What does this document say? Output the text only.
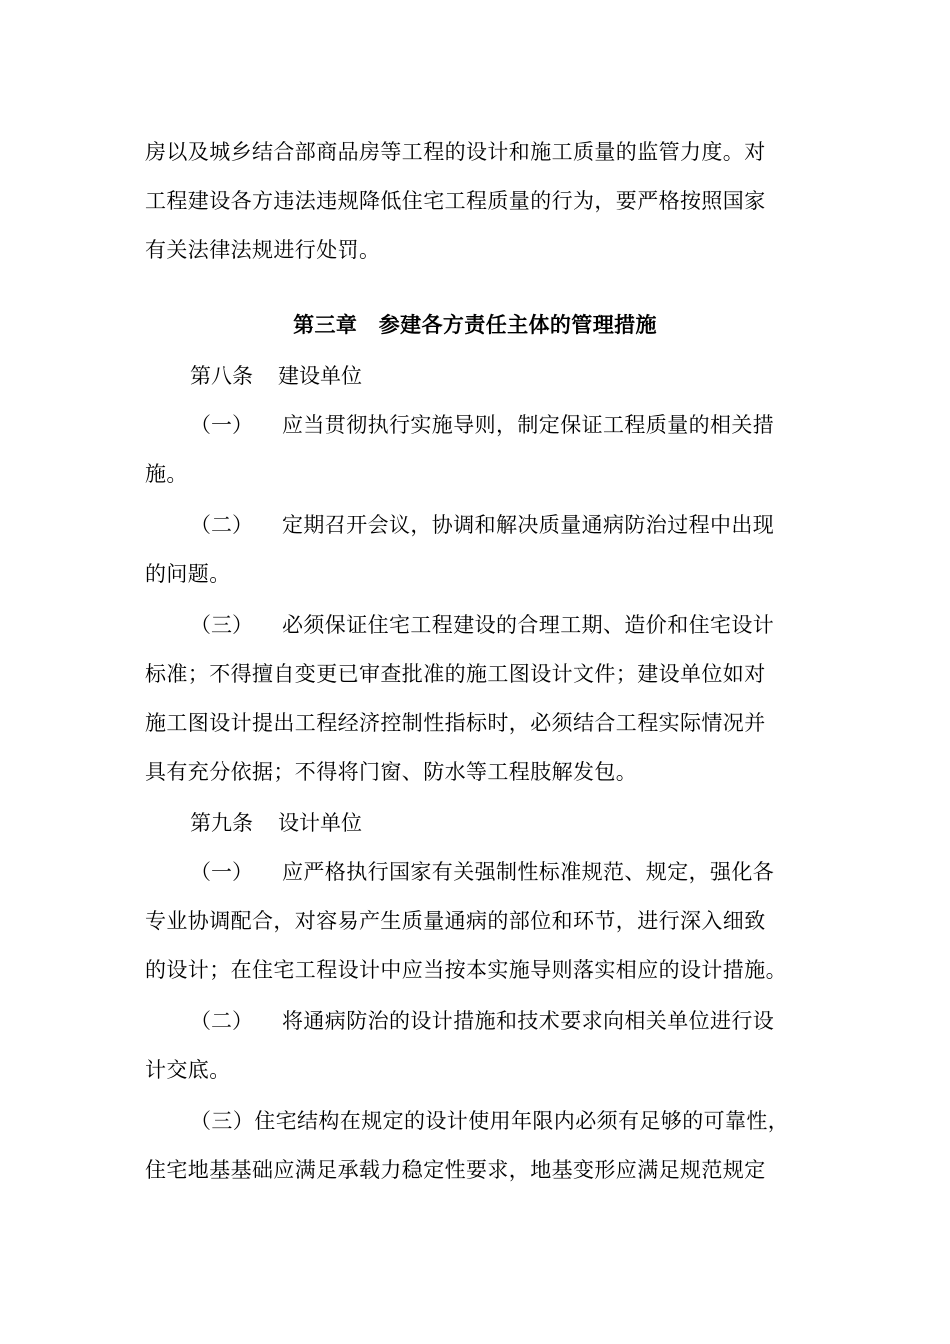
房以及城乡结合部商品房等工程的设计和施工质量的监管力度。对
工程建设各方违法违规降低住宅工程质量的行为，要严格按照国家
有关法律法规进行处罚。
第三章　参建各方责任主体的管理措施
第八条 建设单位
（一） 应当贯彻执行实施导则，制定保证工程质量的相关措
施。
（二） 定期召开会议，协调和解决质量通病防治过程中出现
的问题。
（三） 必须保证住宅工程建设的合理工期、造价和住宅设计
标准；不得擅自变更已审查批准的施工图设计文件；建设单位如对
施工图设计提出工程经济控制性指标时，必须结合工程实际情况并
具有充分依据；不得将门窗、防水等工程肢解发包。
第九条 设计单位
（一） 应严格执行国家有关强制性标准规范、规定，强化各
专业协调配合，对容易产生质量通病的部位和环节，进行深入细致
的设计；在住宅工程设计中应当按本实施导则落实相应的设计措施。
（二） 将通病防治的设计措施和技术要求向相关单位进行设
计交底。
（三）住宅结构在规定的设计使用年限内必须有足够的可靠性，
住宅地基基础应满足承载力稳定性要求，地基变形应满足规范规定
